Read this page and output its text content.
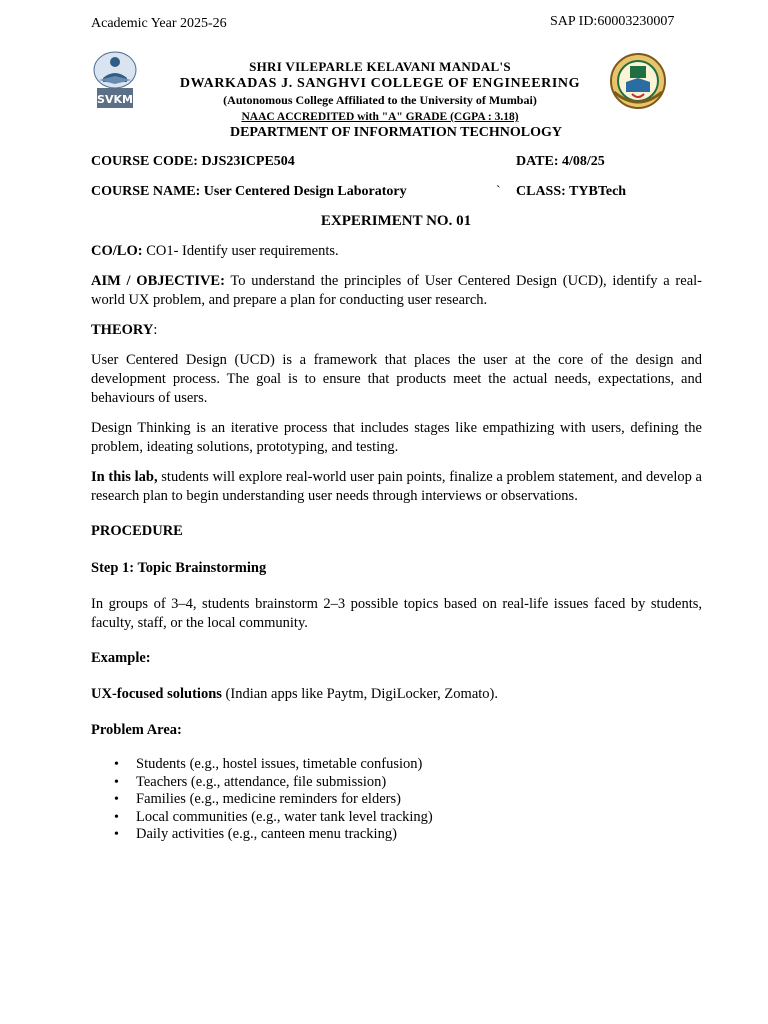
Academic Year 2025-26	SAP ID:60003230007
SVKM
SHRI VILEPARLE KELAVANI MANDAL'S
DWARKADAS J. SANGHVI COLLEGE OF ENGINEERING
(Autonomous College Affiliated to the University of Mumbai)
NAAC ACCREDITED with "A" GRADE (CGPA : 3.18)
DEPARTMENT OF INFORMATION TECHNOLOGY
COURSE CODE: DJS23ICPE504	DATE: 4/08/25
COURSE NAME: User Centered Design Laboratory	` CLASS: TYBTech
EXPERIMENT NO. 01
CO/LO: CO1- Identify user requirements.
AIM / OBJECTIVE: To understand the principles of User Centered Design (UCD), identify a real-world UX problem, and prepare a plan for conducting user research.
THEORY:
User Centered Design (UCD) is a framework that places the user at the core of the design and development process. The goal is to ensure that products meet the actual needs, expectations, and behaviours of users.
Design Thinking is an iterative process that includes stages like empathizing with users, defining the problem, ideating solutions, prototyping, and testing.
In this lab, students will explore real-world user pain points, finalize a problem statement, and develop a research plan to begin understanding user needs through interviews or observations.
PROCEDURE
Step 1: Topic Brainstorming
In groups of 3–4, students brainstorm 2–3 possible topics based on real-life issues faced by students, faculty, staff, or the local community.
Example:
UX-focused solutions (Indian apps like Paytm, DigiLocker, Zomato).
Problem Area:
• Students (e.g., hostel issues, timetable confusion)
• Teachers (e.g., attendance, file submission)
• Families (e.g., medicine reminders for elders)
• Local communities (e.g., water tank level tracking)
• Daily activities (e.g., canteen menu tracking)
